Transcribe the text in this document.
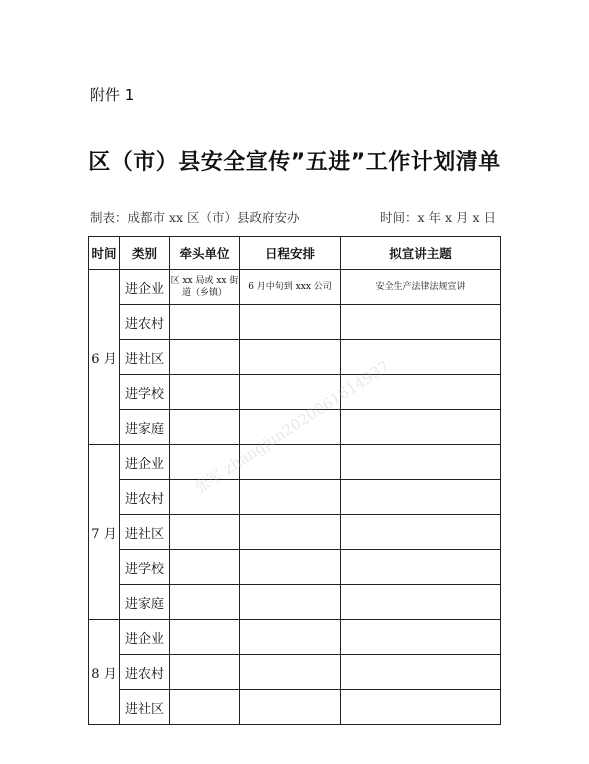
附件 1
区（市）县安全宣传”五进”工作计划清单
制表：成都市 xx 区（市）县政府安办	时间：x 年 x 月 x 日
时间	类别	牵头单位	日程安排	拟宣讲主题
6 月	进企业	区 xx 局或 xx 街道（乡镇）	6 月中旬到 xxx 公司	安全生产法律法规宣讲
	进农村			
	进社区			
	进学校			
	进家庭			
7 月	进企业			
	进农村			
	进社区			
	进学校			
	进家庭			
8 月	进企业			
	进农村			
	进社区			
张军 zhangjun2020061614937
